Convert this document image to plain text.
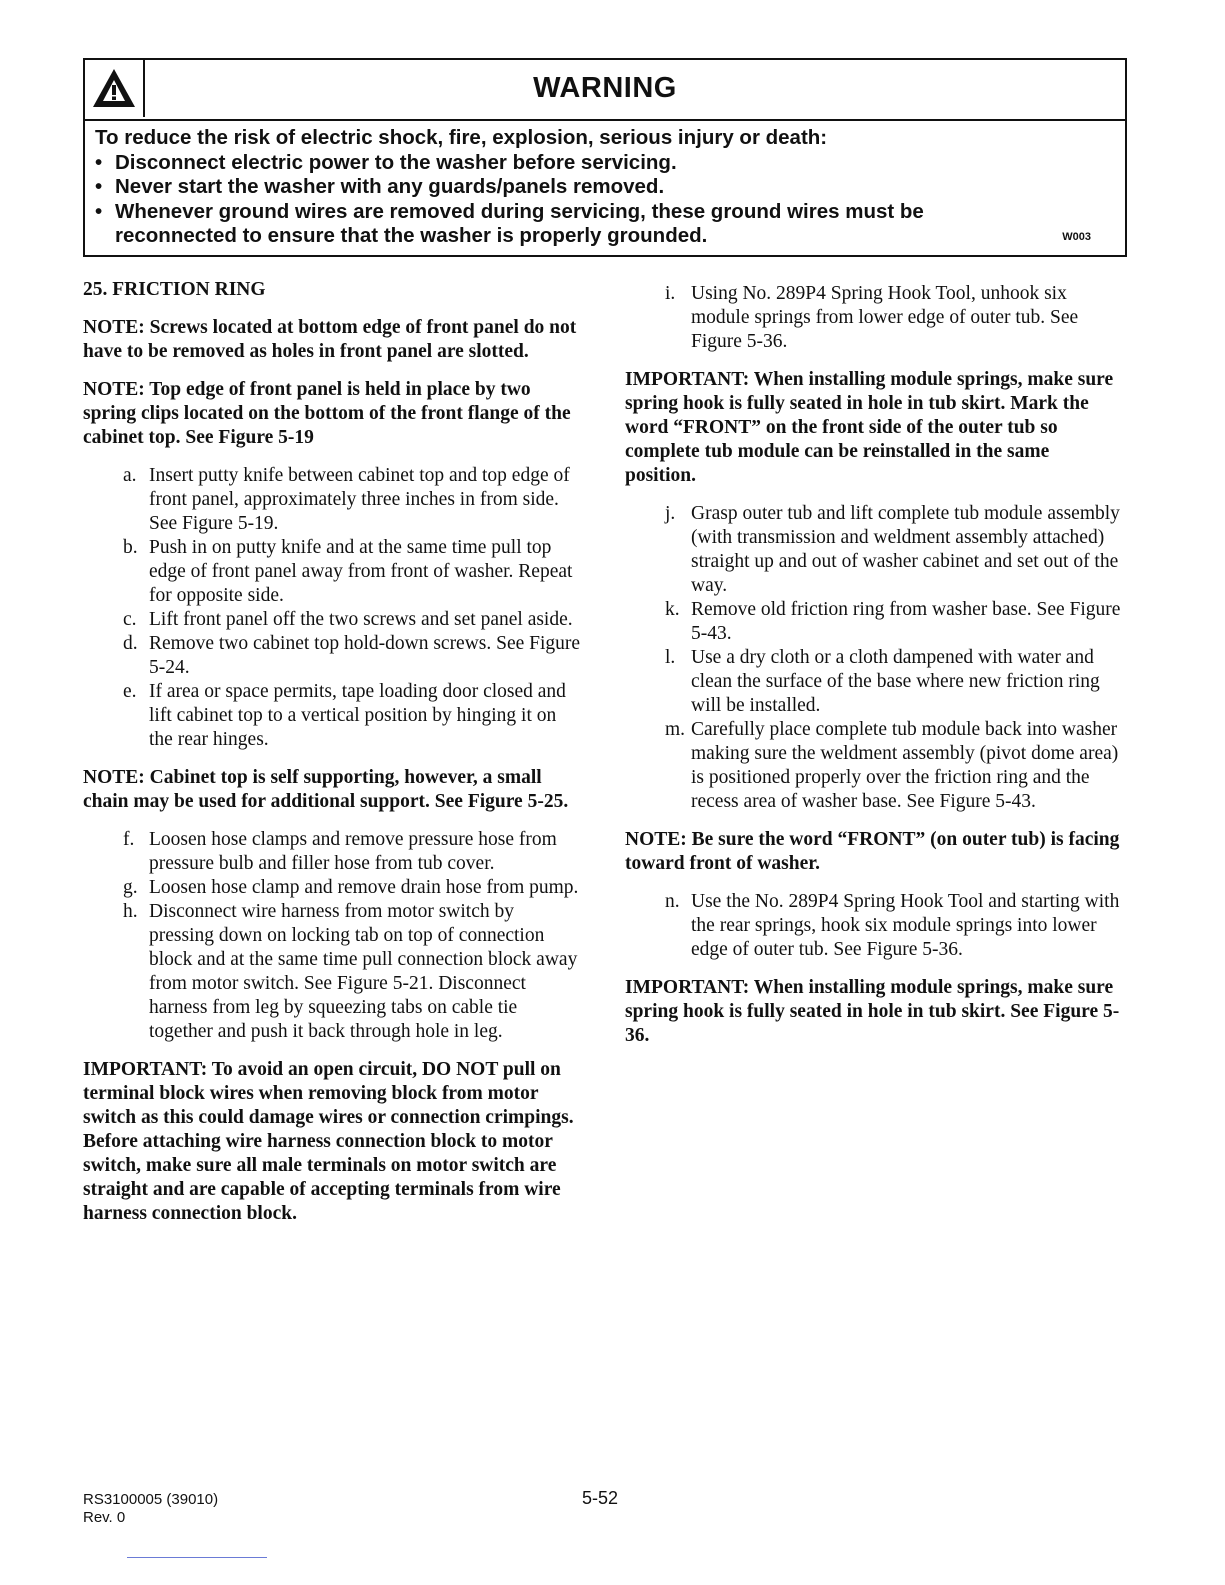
WARNING
To reduce the risk of electric shock, fire, explosion, serious injury or death:
• Disconnect electric power to the washer before servicing.
• Never start the washer with any guards/panels removed.
• Whenever ground wires are removed during servicing, these ground wires must be reconnected to ensure that the washer is properly grounded.	W003
25. FRICTION RING
NOTE: Screws located at bottom edge of front panel do not have to be removed as holes in front panel are slotted.
NOTE: Top edge of front panel is held in place by two spring clips located on the bottom of the front flange of the cabinet top. See Figure 5-19
a. Insert putty knife between cabinet top and top edge of front panel, approximately three inches in from side. See Figure 5-19.
b. Push in on putty knife and at the same time pull top edge of front panel away from front of washer. Repeat for opposite side.
c. Lift front panel off the two screws and set panel aside.
d. Remove two cabinet top hold-down screws. See Figure 5-24.
e. If area or space permits, tape loading door closed and lift cabinet top to a vertical position by hinging it on the rear hinges.
NOTE: Cabinet top is self supporting, however, a small chain may be used for additional support. See Figure 5-25.
f. Loosen hose clamps and remove pressure hose from pressure bulb and filler hose from tub cover.
g. Loosen hose clamp and remove drain hose from pump.
h. Disconnect wire harness from motor switch by pressing down on locking tab on top of connection block and at the same time pull connection block away from motor switch. See Figure 5-21. Disconnect harness from leg by squeezing tabs on cable tie together and push it back through hole in leg.
IMPORTANT: To avoid an open circuit, DO NOT pull on terminal block wires when removing block from motor switch as this could damage wires or connection crimpings. Before attaching wire harness connection block to motor switch, make sure all male terminals on motor switch are straight and are capable of accepting terminals from wire harness connection block.
i. Using No. 289P4 Spring Hook Tool, unhook six module springs from lower edge of outer tub. See Figure 5-36.
IMPORTANT: When installing module springs, make sure spring hook is fully seated in hole in tub skirt. Mark the word “FRONT” on the front side of the outer tub so complete tub module can be reinstalled in the same position.
j. Grasp outer tub and lift complete tub module assembly (with transmission and weldment assembly attached) straight up and out of washer cabinet and set out of the way.
k. Remove old friction ring from washer base. See Figure 5-43.
l. Use a dry cloth or a cloth dampened with water and clean the surface of the base where new friction ring will be installed.
m. Carefully place complete tub module back into washer making sure the weldment assembly (pivot dome area) is positioned properly over the friction ring and the recess area of washer base. See Figure 5-43.
NOTE: Be sure the word “FRONT” (on outer tub) is facing toward front of washer.
n. Use the No. 289P4 Spring Hook Tool and starting with the rear springs, hook six module springs into lower edge of outer tub. See Figure 5-36.
IMPORTANT: When installing module springs, make sure spring hook is fully seated in hole in tub skirt. See Figure 5-36.
RS3100005 (39010)
Rev. 0
5-52
